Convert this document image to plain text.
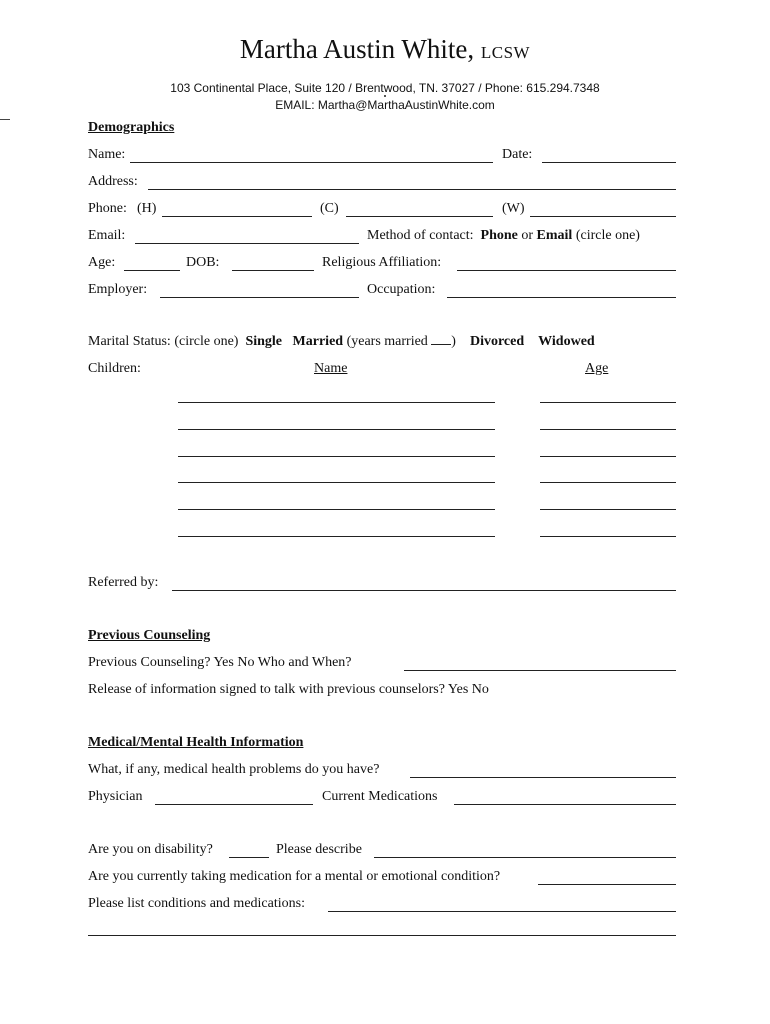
Martha Austin White, LCSW
103 Continental Place, Suite 120 / Brentwood, TN. 37027 / Phone: 615.294.7348
EMAIL: Martha@MarthaAustinWhite.com
Demographics
Name:	Date:
Address:
Phone: (H)	(C)	(W)
Email:	Method of contact: Phone or Email (circle one)
Age:	DOB:	Religious Affiliation:
Employer:	Occupation:
Marital Status: (circle one) Single Married (years married ) Divorced Widowed
Children:	Name	Age
Referred by:
Previous Counseling
Previous Counseling? Yes No Who and When?
Release of information signed to talk with previous counselors? Yes No
Medical/Mental Health Information
What, if any, medical health problems do you have?
Physician	Current Medications
Are you on disability?	Please describe
Are you currently taking medication for a mental or emotional condition?
Please list conditions and medications:
